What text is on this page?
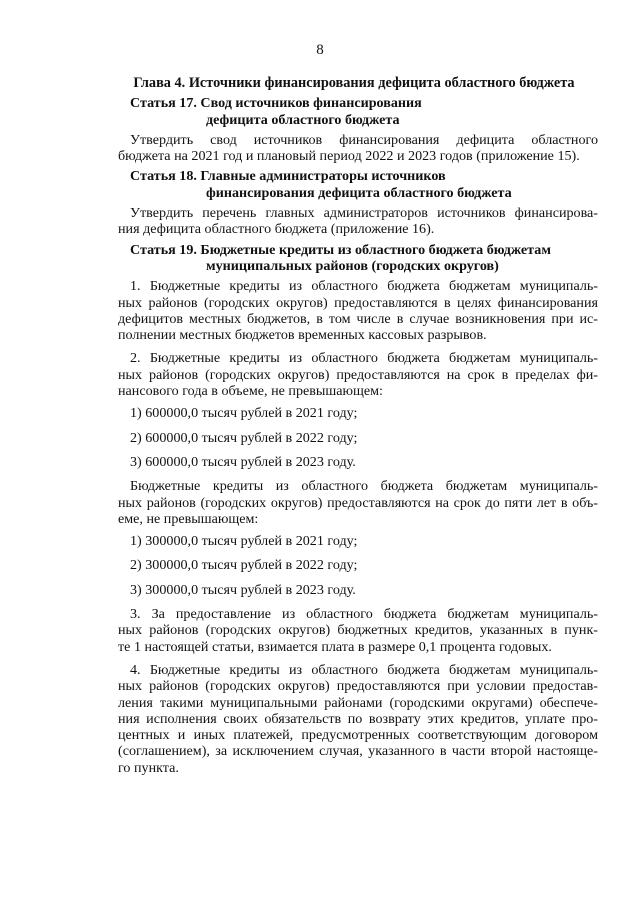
8
Глава 4. Источники финансирования дефицита областного бюджета
Статья 17. Свод источников финансирования
дефицита областного бюджета
Утвердить свод источников финансирования дефицита областного
бюджета на 2021 год и плановый период 2022 и 2023 годов (приложение 15).
Статья 18. Главные администраторы источников
финансирования дефицита областного бюджета
Утвердить перечень главных администраторов источников финансирова-
ния дефицита областного бюджета (приложение 16).
Статья 19. Бюджетные кредиты из областного бюджета бюджетам
муниципальных районов (городских округов)
1. Бюджетные кредиты из областного бюджета бюджетам муниципаль-
ных районов (городских округов) предоставляются в целях финансирования
дефицитов местных бюджетов, в том числе в случае возникновения при ис-
полнении местных бюджетов временных кассовых разрывов.
2. Бюджетные кредиты из областного бюджета бюджетам муниципаль-
ных районов (городских округов) предоставляются на срок в пределах фи-
нансового года в объеме, не превышающем:
1) 600000,0 тысяч рублей в 2021 году;
2) 600000,0 тысяч рублей в 2022 году;
3) 600000,0 тысяч рублей в 2023 году.
Бюджетные кредиты из областного бюджета бюджетам муниципаль-
ных районов (городских округов) предоставляются на срок до пяти лет в объ-
еме, не превышающем:
1) 300000,0 тысяч рублей в 2021 году;
2) 300000,0 тысяч рублей в 2022 году;
3) 300000,0 тысяч рублей в 2023 году.
3. За предоставление из областного бюджета бюджетам муниципаль-
ных районов (городских округов) бюджетных кредитов, указанных в пунк-
те 1 настоящей статьи, взимается плата в размере 0,1 процента годовых.
4. Бюджетные кредиты из областного бюджета бюджетам муниципаль-
ных районов (городских округов) предоставляются при условии предостав-
ления такими муниципальными районами (городскими округами) обеспече-
ния исполнения своих обязательств по возврату этих кредитов, уплате про-
центных и иных платежей, предусмотренных соответствующим договором
(соглашением), за исключением случая, указанного в части второй настояще-
го пункта.
